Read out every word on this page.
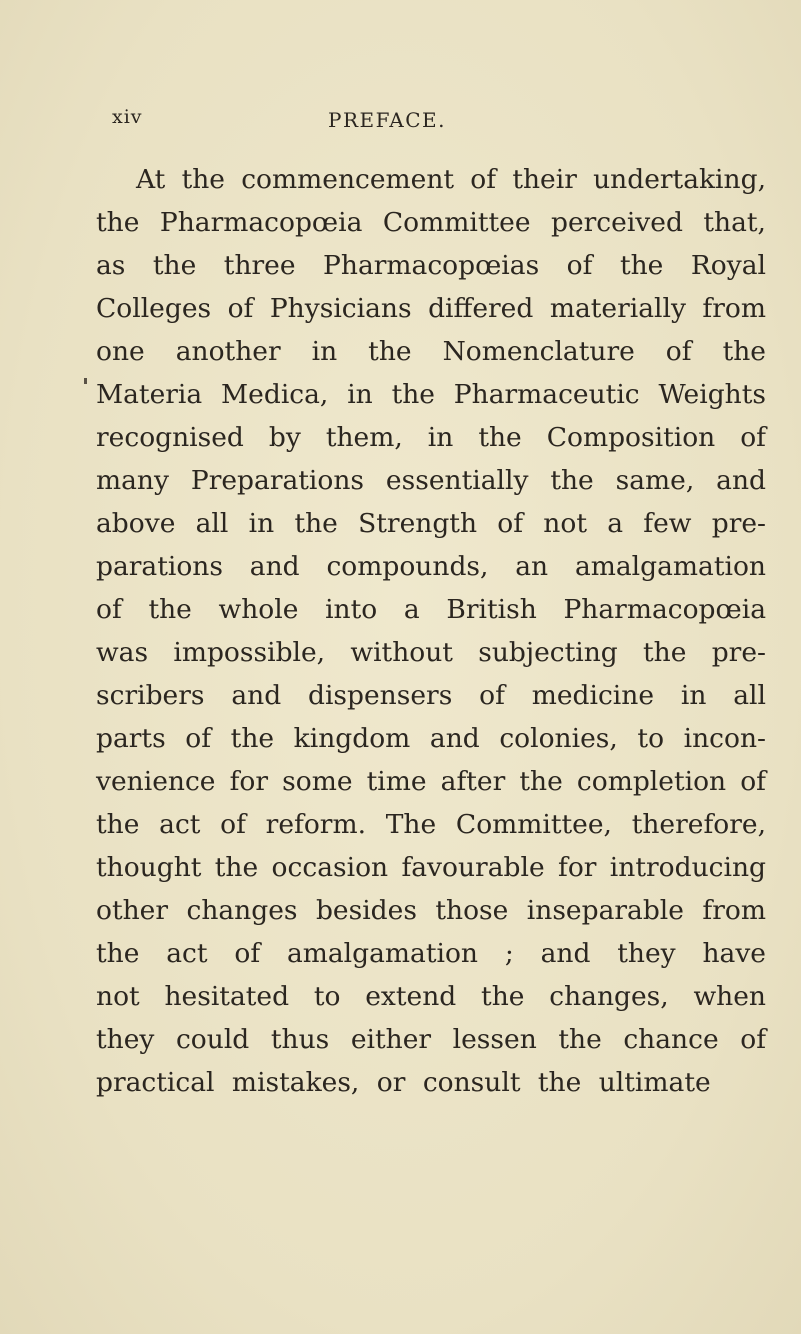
xiv	PREFACE.
At the commencement of their undertaking,
the Pharmacopœia Committee perceived that,
as the three Pharmacopœias of the Royal
Colleges of Physicians differed materially from
one another in the Nomenclature of the
Materia Medica, in the Pharmaceutic Weights
recognised by them, in the Composition of
many Preparations essentially the same, and
above all in the Strength of not a few pre-
parations and compounds, an amalgamation
of the whole into a British Pharmacopœia
was impossible, without subjecting the pre-
scribers and dispensers of medicine in all
parts of the kingdom and colonies, to incon-
venience for some time after the completion of
the act of reform. The Committee, therefore,
thought the occasion favourable for introducing
other changes besides those inseparable from
the act of amalgamation ; and they have
not hesitated to extend the changes, when
they could thus either lessen the chance of
practical mistakes, or consult the ultimate
